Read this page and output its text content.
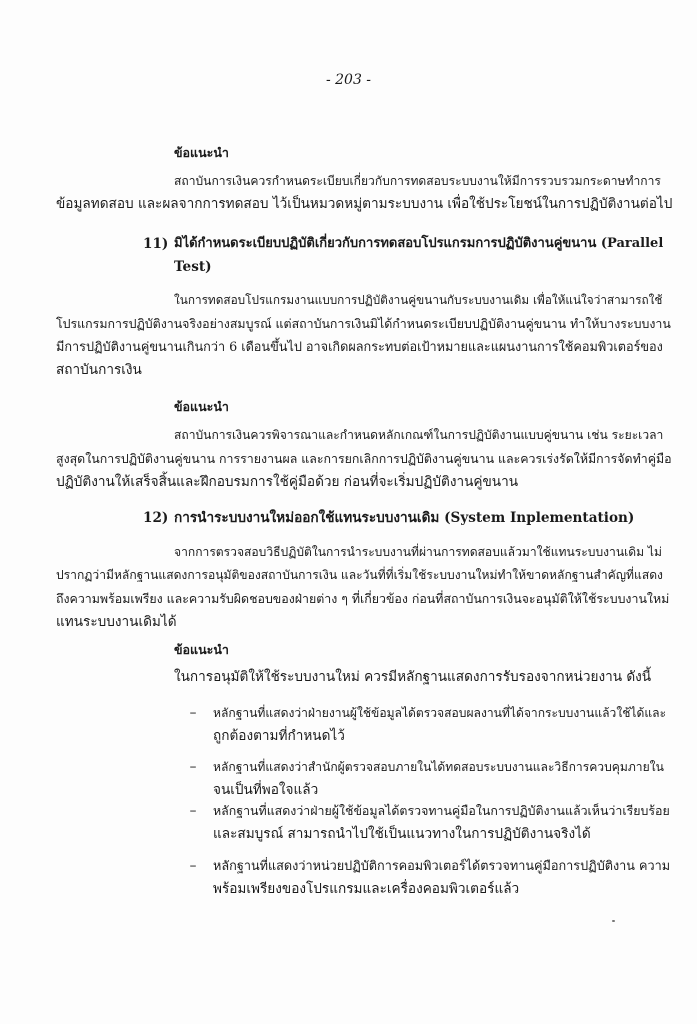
- 203 -
ข้อแนะนำ
สถาบันการเงินควรกำหนดระเบียบเกี่ยวกับการทดสอบระบบงานให้มีการรวบรวมกระดาษทำการ
ข้อมูลทดสอบ และผลจากการทดสอบ ไว้เป็นหมวดหมู่ตามระบบงาน เพื่อใช้ประโยชน์ในการปฏิบัติงานต่อไป
11) มิได้กำหนดระเบียบปฏิบัติเกี่ยวกับการทดสอบโปรแกรมการปฏิบัติงานคู่ขนาน (Parallel
Test)
ในการทดสอบโปรแกรมงานแบบการปฏิบัติงานคู่ขนานกับระบบงานเดิม เพื่อให้แน่ใจว่าสามารถใช้
โปรแกรมการปฏิบัติงานจริงอย่างสมบูรณ์ แต่สถาบันการเงินมิได้กำหนดระเบียบปฏิบัติงานคู่ขนาน ทำให้บางระบบงาน
มีการปฏิบัติงานคู่ขนานเกินกว่า 6 เดือนขึ้นไป อาจเกิดผลกระทบต่อเป้าหมายและแผนงานการใช้คอมพิวเตอร์ของ
สถาบันการเงิน
ข้อแนะนำ
สถาบันการเงินควรพิจารณาและกำหนดหลักเกณฑ์ในการปฏิบัติงานแบบคู่ขนาน เช่น ระยะเวลา
สูงสุดในการปฏิบัติงานคู่ขนาน การรายงานผล และการยกเลิกการปฏิบัติงานคู่ขนาน และควรเร่งรัดให้มีการจัดทำคู่มือ
ปฏิบัติงานให้เสร็จสิ้นและฝึกอบรมการใช้คู่มือด้วย ก่อนที่จะเริ่มปฏิบัติงานคู่ขนาน
12) การนำระบบงานใหม่ออกใช้แทนระบบงานเดิม (System Inplementation)
จากการตรวจสอบวิธีปฏิบัติในการนำระบบงานที่ผ่านการทดสอบแล้วมาใช้แทนระบบงานเดิม ไม่
ปรากฏว่ามีหลักฐานแสดงการอนุมัติของสถาบันการเงิน และวันที่ที่เริ่มใช้ระบบงานใหม่ทำให้ขาดหลักฐานสำคัญที่แสดง
ถึงความพร้อมเพรียง และความรับผิดชอบของฝ่ายต่าง ๆ ที่เกี่ยวข้อง ก่อนที่สถาบันการเงินจะอนุมัติให้ใช้ระบบงานใหม่
แทนระบบงานเดิมได้
ข้อแนะนำ
ในการอนุมัติให้ใช้ระบบงานใหม่ ควรมีหลักฐานแสดงการรับรองจากหน่วยงาน ดังนี้
– หลักฐานที่แสดงว่าฝ่ายงานผู้ใช้ข้อมูลได้ตรวจสอบผลงานที่ได้จากระบบงานแล้วใช้ได้และ
ถูกต้องตามที่กำหนดไว้
– หลักฐานที่แสดงว่าสำนักผู้ตรวจสอบภายในได้ทดสอบระบบงานและวิธีการควบคุมภายใน
จนเป็นที่พอใจแล้ว
– หลักฐานที่แสดงว่าฝ่ายผู้ใช้ข้อมูลได้ตรวจทานคู่มือในการปฏิบัติงานแล้วเห็นว่าเรียบร้อย
และสมบูรณ์ สามารถนำไปใช้เป็นแนวทางในการปฏิบัติงานจริงได้
– หลักฐานที่แสดงว่าหน่วยปฏิบัติการคอมพิวเตอร์ได้ตรวจทานคู่มือการปฏิบัติงาน ความ
พร้อมเพรียงของโปรแกรมและเครื่องคอมพิวเตอร์แล้ว
